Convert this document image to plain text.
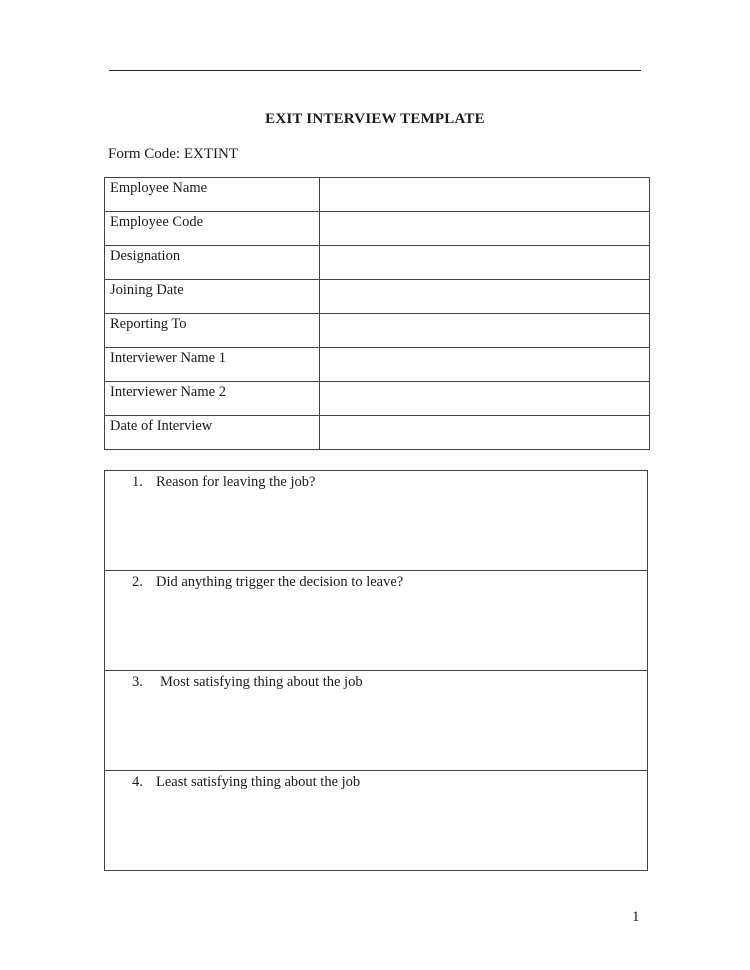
EXIT INTERVIEW TEMPLATE
Form Code: EXTINT
Employee Name	
Employee Code	
Designation	
Joining Date	
Reporting To	
Interviewer Name 1	
Interviewer Name 2	
Date of Interview	
1. Reason for leaving the job?
2. Did anything trigger the decision to leave?
3. Most satisfying thing about the job
4. Least satisfying thing about the job
1
